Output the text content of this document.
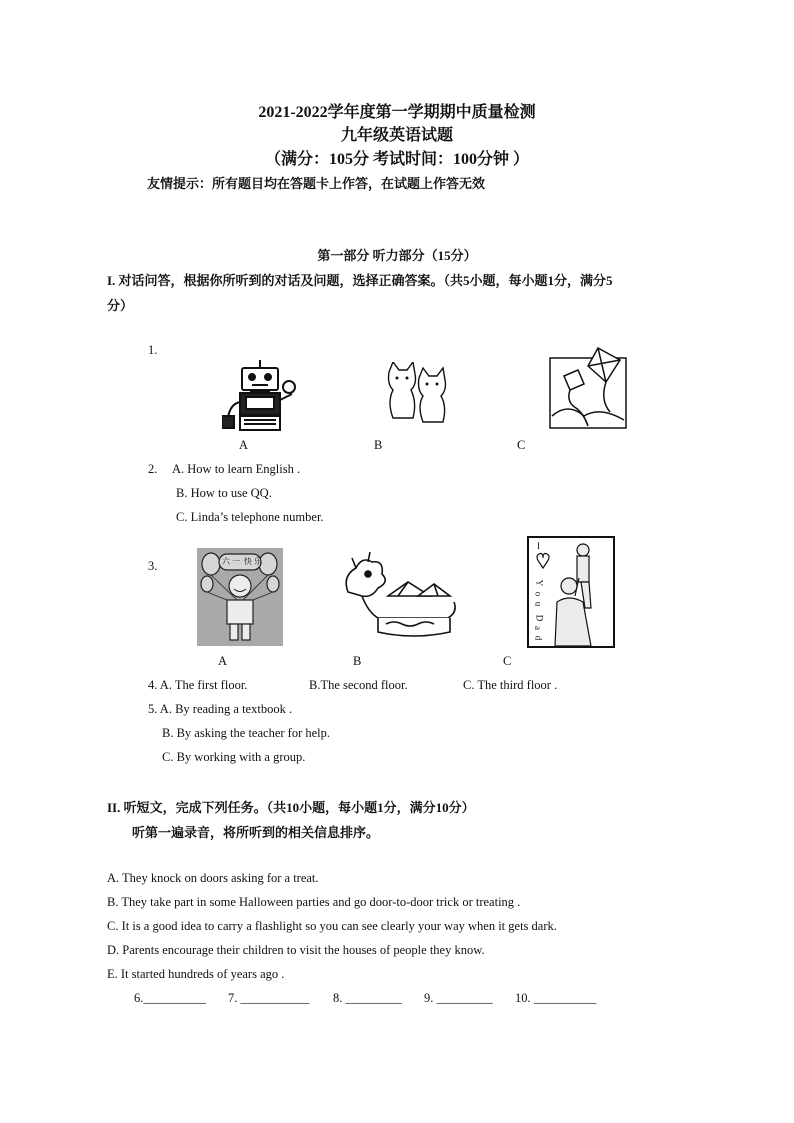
2021-2022学年度第一学期期中质量检测
九年级英语试题
（满分：105分 考试时间：100分钟 ）
友情提示：所有题目均在答题卡上作答，在试题上作答无效
第一部分 听力部分（15分）
I. 对话问答，根据你所听到的对话及问题，选择正确答案。（共5小题，每小题1分，满分5
分）
1.
A	B	C
2. A. How to learn English .
B. How to use QQ.
C. Linda’s telephone number.
3.	六 一 快 乐
I
Y
o
u
D
a
d
A	B	C
4. A. The first floor.	B.The second floor.	C. The third floor .
5. A. By reading a textbook .
B. By asking the teacher for help.
C. By working with a group.
II. 听短文，完成下列任务。（共10小题，每小题1分，满分10分）
听第一遍录音，将所听到的相关信息排序。
A. They knock on doors asking for a treat.
B. They take part in some Halloween parties and go door-to-door trick or treating .
C. It is a good idea to carry a flashlight so you can see clearly your way when it gets dark.
D. Parents encourage their children to visit the houses of people they know.
E. It started hundreds of years ago .
6.__________ 7. ___________ 8. _________ 9. _________ 10. __________
